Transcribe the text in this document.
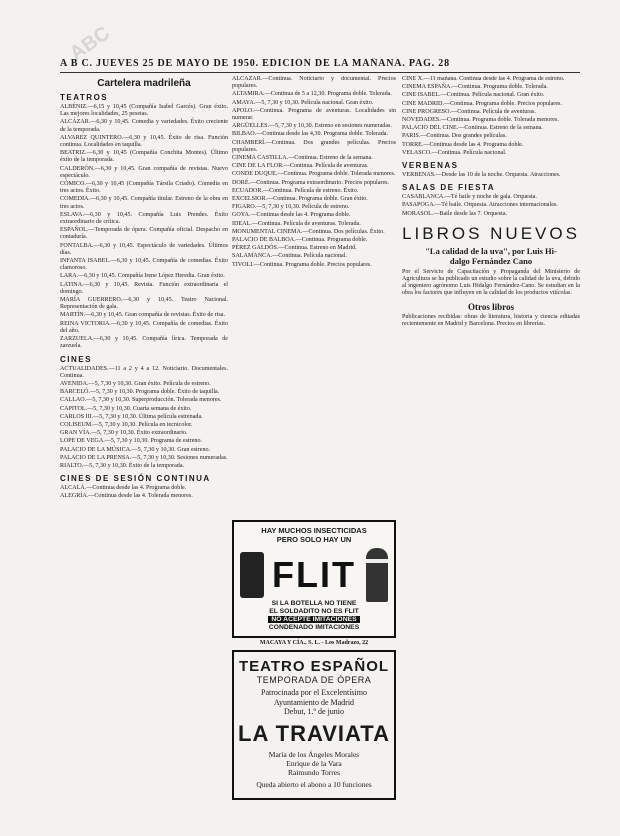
ABC
A B C. JUEVES 25 DE MAYO DE 1950. EDICIÓN DE LA MAÑANA. PAG. 28
Cartelera madrileña
TEATROS

ALBÉNIZ.—6,15 y 10,45 (Compañía Isabel Garcés). Gran éxito. Las mejores localidades, 25 pesetas.

ALCÁZAR.—6,30 y 10,45. Comedia y variedades. Éxito creciente de la temporada.

ALVAREZ QUINTERO.—6,30 y 10,45. Éxito de risa. Función continua. Localidades en taquilla.

BEATRIZ.—6,30 y 10,45 (Compañía Conchita Montes). Último éxito de la temporada.

CALDERÓN.—6,30 y 10,45. Gran compañía de revistas. Nuevo espectáculo.

CÓMICO.—6,30 y 10,45 (Compañía Társila Criado). Comedia en tres actos. Éxito.

COMEDIA.—6,30 y 10,45. Compañía titular. Estreno de la obra en tres actos.

ESLAVA.—6,30 y 10,45. Compañía Luis Prendes. Éxito extraordinario de crítica.

ESPAÑOL.—Temporada de ópera. Compañía oficial. Despacho en contaduría.

FONTALBA.—6,30 y 10,45. Espectáculo de variedades. Últimos días.

INFANTA ISABEL.—6,30 y 10,45. Compañía de comedias. Éxito clamoroso.

LARA.—6,30 y 10,45. Compañía Irene López Heredia. Gran éxito.

LATINA.—6,30 y 10,45. Revista. Función extraordinaria el domingo.

MARÍA GUERRERO.—6,30 y 10,45. Teatro Nacional. Representación de gala.

MARTÍN.—6,30 y 10,45. Gran compañía de revistas. Éxito de risa.

REINA VICTORIA.—6,30 y 10,45. Compañía de comedias. Éxito del año.

ZARZUELA.—6,30 y 10,45. Compañía lírica. Temporada de zarzuela.

CINES

ACTUALIDADES.—11 a 2 y 4 a 12. Noticiario. Documentales. Continua.

AVENIDA.—5, 7,30 y 10,30. Gran éxito. Película de estreno.

BARCELÓ.—5, 7,30 y 10,30. Programa doble. Éxito de taquilla.

CALLAO.—5, 7,30 y 10,30. Superproducción. Tolerada menores.

CAPITOL.—5, 7,30 y 10,30. Cuarta semana de éxito.

CARLOS III.—5, 7,30 y 10,30. Última película estrenada.

COLISEUM.—5, 7,30 y 10,30. Película en tecnicolor.

GRAN VÍA.—5, 7,30 y 10,30. Éxito extraordinario.

LOPE DE VEGA.—5, 7,30 y 10,30. Programa de estreno.

PALACIO DE LA MÚSICA.—5, 7,30 y 10,30. Gran estreno.

PALACIO DE LA PRENSA.—5, 7,30 y 10,30. Sesiones numeradas.

RIALTO.—5, 7,30 y 10,30. Éxito de la temporada.

CINES DE SESIÓN CONTINUA

ALCALÁ.—Continua desde las 4. Programa doble.

ALEGRÍA.—Continua desde las 4. Tolerada menores.

ALCÁZAR.—Continua. Noticiario y documental. Precios populares.

ALTAMIRA.—Continua de 5 a 12,30. Programa doble. Tolerada.

AMAYA.—5, 7,30 y 10,30. Película nacional. Gran éxito.

APOLO.—Continua. Programa de aventuras. Localidades sin numerar.

ARGÜELLES.—5, 7,30 y 10,30. Estreno en sesiones numeradas.

BILBAO.—Continua desde las 4,30. Programa doble. Tolerada.

CHAMBERÍ.—Continua. Dos grandes películas. Precios populares.

CINEMA CASTILLA.—Continua. Estreno de la semana.

CINE DE LA FLOR.—Continua. Película de aventuras.

CONDE DUQUE.—Continua. Programa doble. Tolerada menores.

DORÉ.—Continua. Programa extraordinario. Precios populares.

ECUADOR.—Continua. Película de estreno. Éxito.

EXCELSIOR.—Continua. Programa doble. Gran éxito.

FIGARO.—5, 7,30 y 10,30. Película de estreno.

GOYA.—Continua desde las 4. Programa doble.

IDEAL.—Continua. Película de aventuras. Tolerada.

MONUMENTAL CINEMA.—Continua. Dos películas. Éxito.

PALACIO DE BALBOA.—Continua. Programa doble.

PÉREZ GALDÓS.—Continua. Estreno en Madrid.

SALAMANCA.—Continua. Película nacional.

TIVOLI.—Continua. Programa doble. Precios populares.

HAY MUCHOS INSECTICIDAS
PERO SOLO HAY UN
FLIT
SI LA BOTELLA NO TIENE
EL SOLDADITO NO ES FLIT
NO ACEPTE IMITACIONES
CONDENADO IMITACIONES
MACAYA Y CÍA., S. L. - Los Madrazo, 22
TEATRO ESPAÑOL
TEMPORADA DE ÓPERA
Patrocinada por el Excelentísimo
Ayuntamiento de Madrid
Debut, 1.º de junio
LA TRAVIATA
María de los Ángeles Morales
Enrique de la Vara
Raimundo Torres
Queda abierto el abono a 10 funciones

CINE X.—11 mañana. Continua desde las 4. Programa de estreno.

CINEMA ESPAÑA.—Continua. Programa doble. Tolerada.

CINE ISABEL.—Continua. Película nacional. Gran éxito.

CINE MADRID.—Continua. Programa doble. Precios populares.

CINE PROGRESO.—Continua. Película de aventuras.

NOVEDADES.—Continua. Programa doble. Tolerada menores.

PALACIO DEL CINE.—Continua. Estreno de la semana.

PARIS.—Continua. Dos grandes películas.

TORRE.—Continua desde las 4. Programa doble.

VELASCO.—Continua. Película nacional.

VERBENAS

VERBENAS.—Desde las 10 de la noche. Orquesta. Atracciones.

SALAS DE FIESTA

CASABLANCA.—Té baile y noche de gala. Orquesta.

PASAPOGA.—Té baile. Orquesta. Atracciones internacionales.

MORASOL.—Baile desde las 7. Orquesta.

LIBROS NUEVOS
"La calidad de la uva", por Luis Hi-
dalgo Fernández Cano

Por el Servicio de Capacitación y Propaganda del Ministerio de Agricultura se ha publicado un estudio sobre la calidad de la uva, debido al ingeniero agrónomo Luis Hidalgo Fernández-Cano. Se estudian en la obra los factores que influyen en la calidad de los productos vitícolas.

Otros libros

Publicaciones recibidas: obras de literatura, historia y ciencia editadas recientemente en Madrid y Barcelona. Precios en librerías.
